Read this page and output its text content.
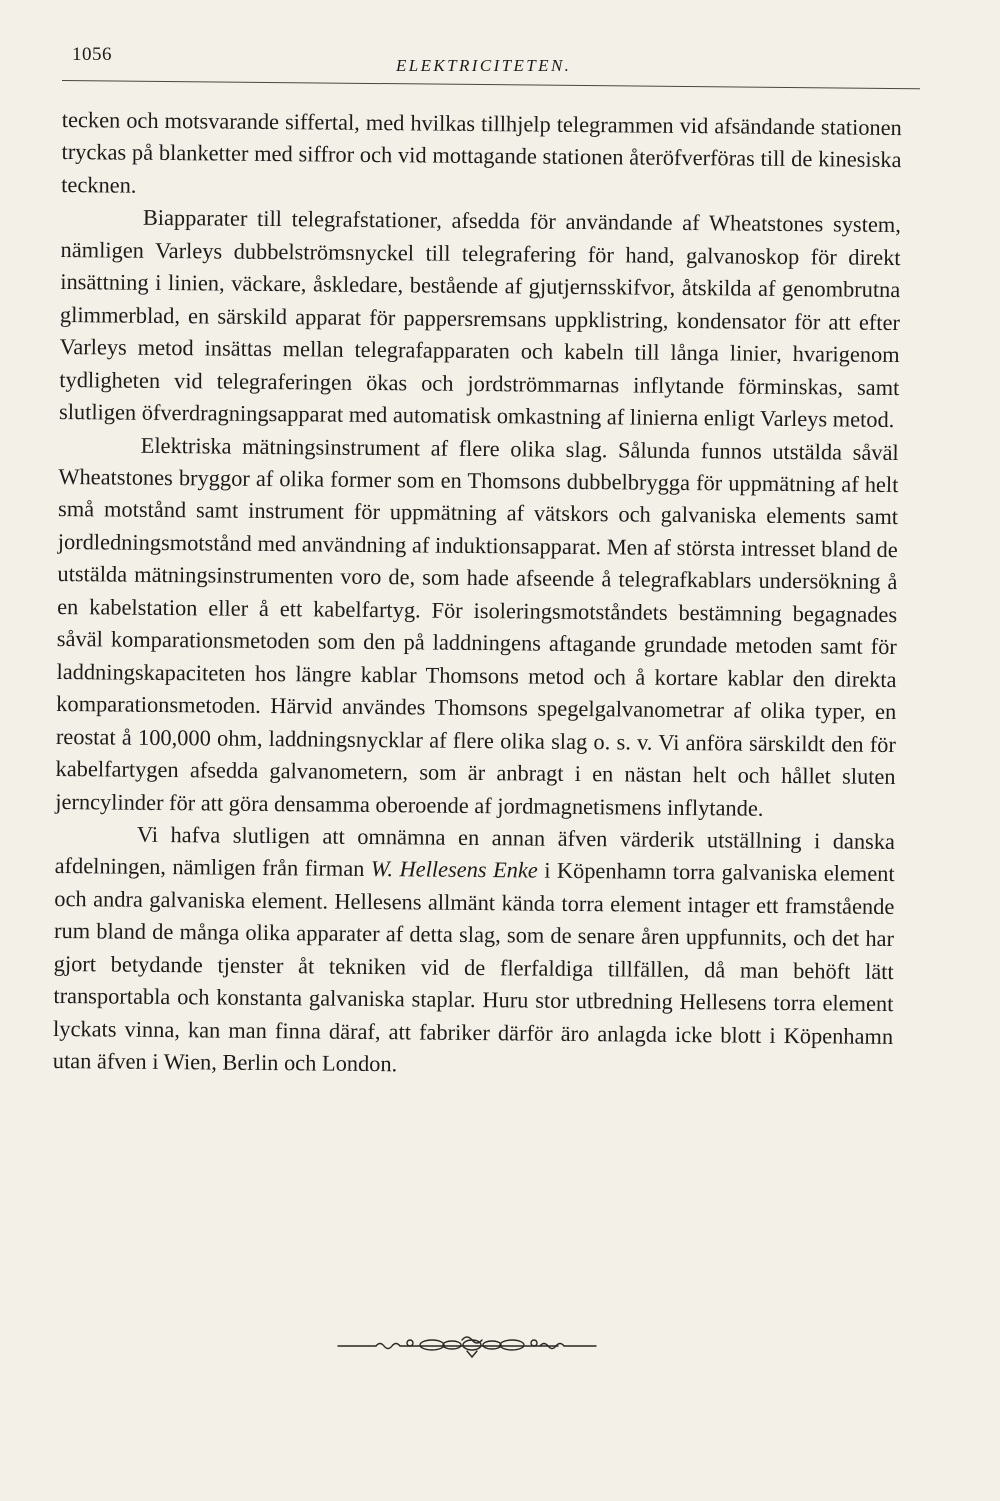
1056
ELEKTRICITETEN.

tecken och motsvarande siffertal, med hvilkas tillhjelp telegrammen vid afsändande stationen tryckas på blanketter med siffror och vid mottagande stationen återöfverföras till de kinesiska tecknen.

Biapparater till telegrafstationer, afsedda för användande af Wheatstones system, nämligen Varleys dubbelströmsnyckel till telegrafering för hand, galvanoskop för direkt insättning i linien, väckare, åskledare, bestående af gjutjernsskifvor, åtskilda af genombrutna glimmerblad, en särskild apparat för pappersremsans uppklistring, kondensator för att efter Varleys metod insättas mellan telegrafapparaten och kabeln till långa linier, hvarigenom tydligheten vid telegraferingen ökas och jordströmmarnas inflytande förminskas, samt slutligen öfverdragningsapparat med automatisk omkastning af linierna enligt Varleys metod.

Elektriska mätningsinstrument af flere olika slag. Sålunda funnos utstälda såväl Wheatstones bryggor af olika former som en Thomsons dubbelbrygga för uppmätning af helt små motstånd samt instrument för uppmätning af vätskors och galvaniska elements samt jordledningsmotstånd med användning af induktionsapparat. Men af största intresset bland de utstälda mätningsinstrumenten voro de, som hade afseende å telegrafkablars undersökning å en kabelstation eller å ett kabelfartyg. För isoleringsmotståndets bestämning begagnades såväl komparationsmetoden som den på laddningens aftagande grundade metoden samt för laddningskapaciteten hos längre kablar Thomsons metod och å kortare kablar den direkta komparationsmetoden. Härvid användes Thomsons spegelgalvanometrar af olika typer, en reostat å 100,000 ohm, laddningsnycklar af flere olika slag o. s. v. Vi anföra särskildt den för kabelfartygen afsedda galvanometern, som är anbragt i en nästan helt och hållet sluten jerncylinder för att göra densamma oberoende af jordmagnetismens inflytande.

Vi hafva slutligen att omnämna en annan äfven värderik utställning i danska afdelningen, nämligen från firman W. Hellesens Enke i Köpenhamn torra galvaniska element och andra galvaniska element. Hellesens allmänt kända torra element intager ett framstående rum bland de många olika apparater af detta slag, som de senare åren uppfunnits, och det har gjort betydande tjenster åt tekniken vid de flerfaldiga tillfällen, då man behöft lätt transportabla och konstanta galvaniska staplar. Huru stor utbredning Hellesens torra element lyckats vinna, kan man finna däraf, att fabriker därför äro anlagda icke blott i Köpenhamn utan äfven i Wien, Berlin och London.
